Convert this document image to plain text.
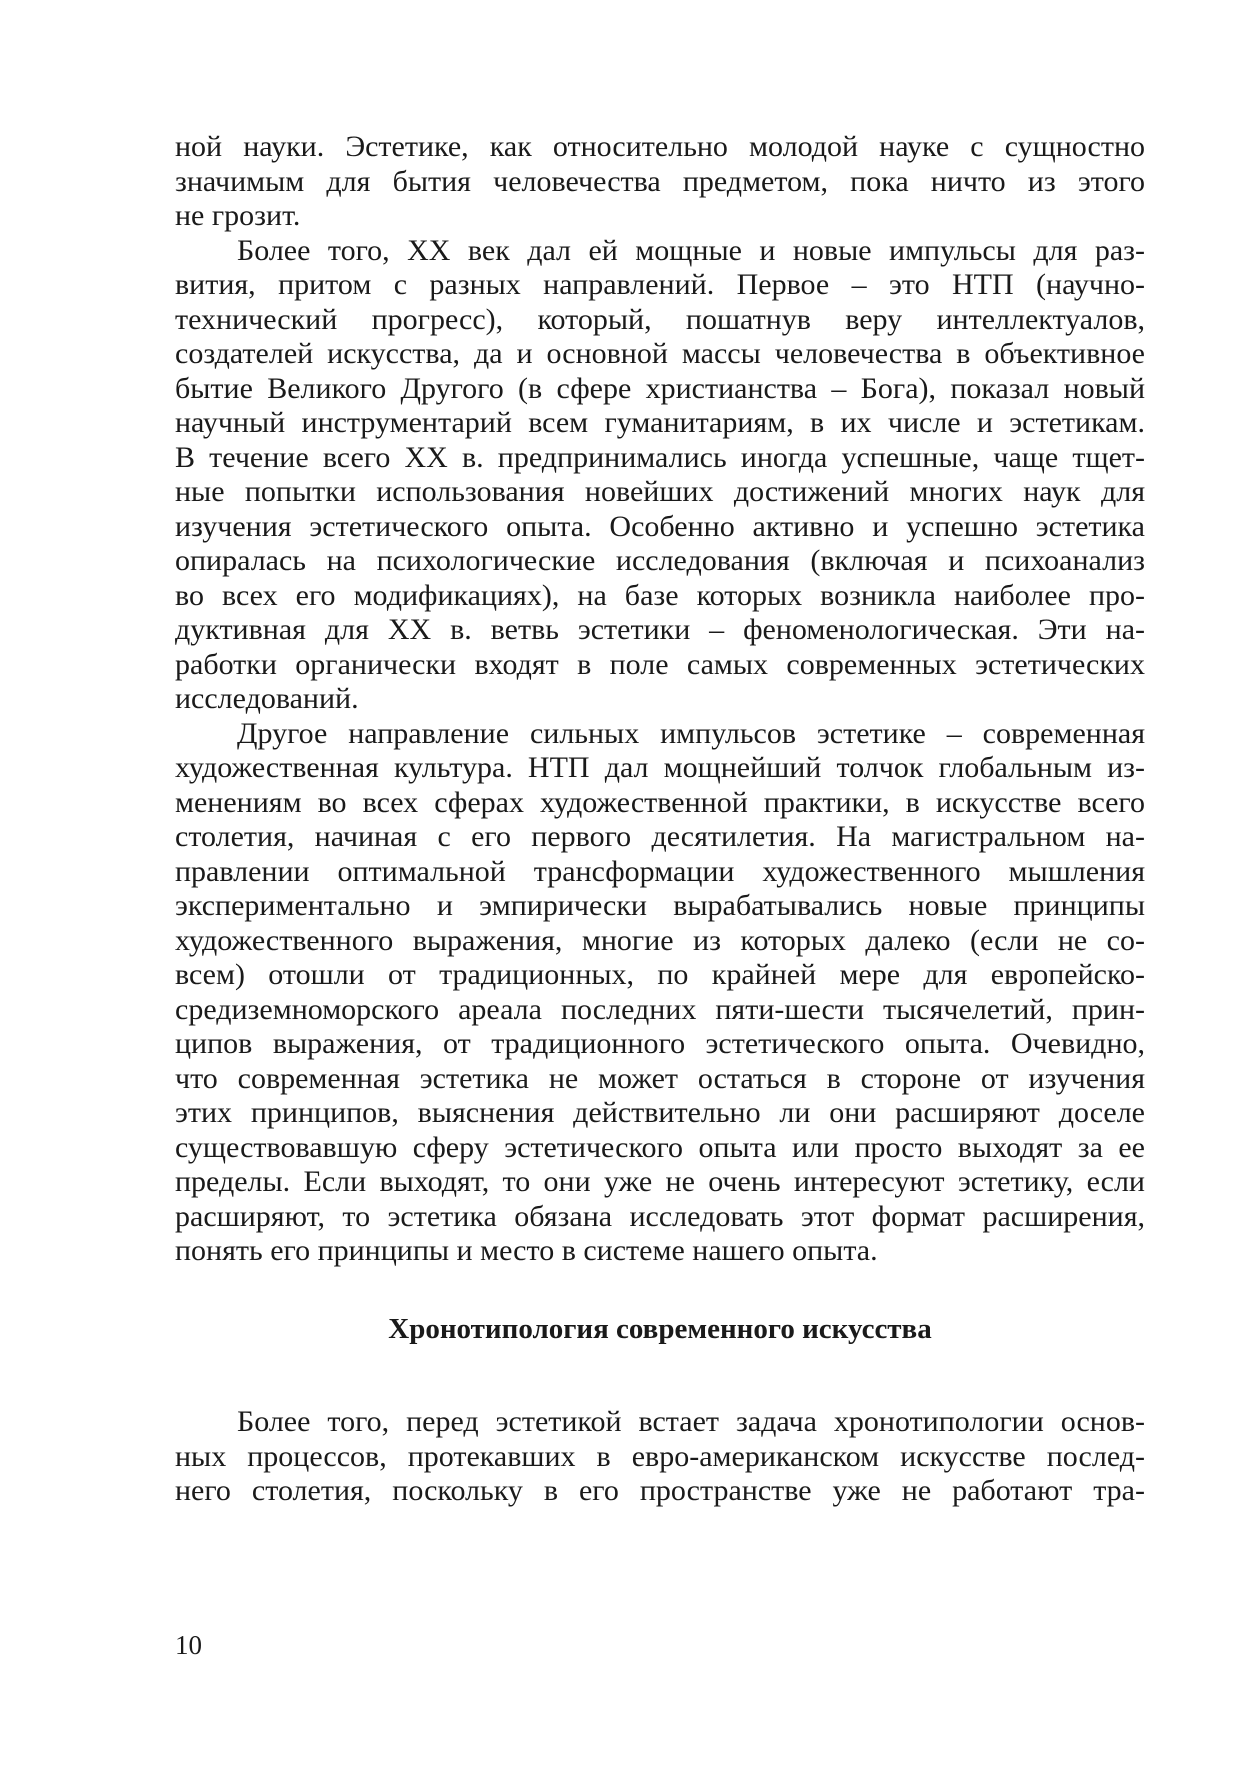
ной науки. Эстетике, как относительно молодой науке с сущностно
значимым для бытия человечества предметом, пока ничто из этого
не грозит.
Более того, XX век дал ей мощные и новые импульсы для раз-
вития, притом с разных направлений. Первое – это НТП (научно-
технический прогресс), который, пошатнув веру интеллектуалов,
создателей искусства, да и основной массы человечества в объективное
бытие Великого Другого (в сфере христианства – Бога), показал новый
научный инструментарий всем гуманитариям, в их числе и эстетикам.
В течение всего XX в. предпринимались иногда успешные, чаще тщет-
ные попытки использования новейших достижений многих наук для
изучения эстетического опыта. Особенно активно и успешно эстетика
опиралась на психологические исследования (включая и психоанализ
во всех его модификациях), на базе которых возникла наиболее про-
дуктивная для XX в. ветвь эстетики – феноменологическая. Эти на-
работки органически входят в поле самых современных эстетических
исследований.
Другое направление сильных импульсов эстетике – современная
художественная культура. НТП дал мощнейший толчок глобальным из-
менениям во всех сферах художественной практики, в искусстве всего
столетия, начиная с его первого десятилетия. На магистральном на-
правлении оптимальной трансформации художественного мышления
экспериментально и эмпирически вырабатывались новые принципы
художественного выражения, многие из которых далеко (если не со-
всем) отошли от традиционных, по крайней мере для европейско-
средиземноморского ареала последних пяти-шести тысячелетий, прин-
ципов выражения, от традиционного эстетического опыта. Очевидно,
что современная эстетика не может остаться в стороне от изучения
этих принципов, выяснения действительно ли они расширяют доселе
существовавшую сферу эстетического опыта или просто выходят за ее
пределы. Если выходят, то они уже не очень интересуют эстетику, если
расширяют, то эстетика обязана исследовать этот формат расширения,
понять его принципы и место в системе нашего опыта.
Хронотипология современного искусства
Более того, перед эстетикой встает задача хронотипологии основ-
ных процессов, протекавших в евро-американском искусстве послед-
него столетия, поскольку в его пространстве уже не работают тра-
10
